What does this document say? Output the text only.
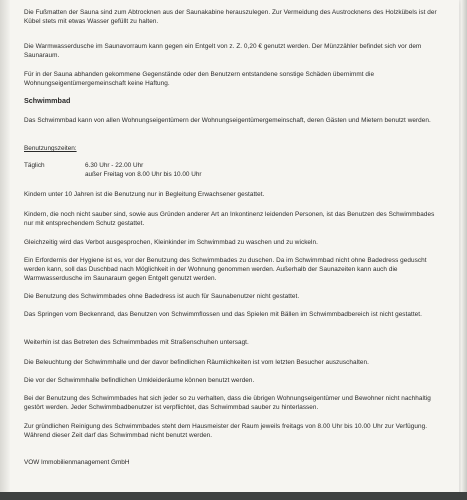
Die Fußmatten der Sauna sind zum Abtrocknen aus der Saunakabine herauszulegen. Zur Vermeidung des Austrocknens des Holzkübels ist der Kübel stets mit etwas Wasser gefüllt zu halten.
Die Warmwasserdusche im Saunavorraum kann gegen ein Entgelt von z. Z. 0,20 € genutzt werden. Der Münzzähler befindet sich vor dem Saunaraum.
Für in der Sauna abhanden gekommene Gegenstände oder den Benutzern entstandene sonstige Schäden übernimmt die Wohnungseigentümergemeinschaft keine Haftung.
Schwimmbad
Das Schwimmbad kann von allen Wohnungseigentümern der Wohnungseigentümergemeinschaft, deren Gästen und Mietern benutzt werden.
Benutzungszeiten:
Täglich	6.30 Uhr - 22.00 Uhr
außer Freitag von 8.00 Uhr bis 10.00 Uhr
Kindern unter 10 Jahren ist die Benutzung nur in Begleitung Erwachsener gestattet.
Kindern, die noch nicht sauber sind, sowie aus Gründen anderer Art an Inkontinenz leidenden Personen, ist das Benutzen des Schwimmbades nur mit entsprechendem Schutz gestattet.
Gleichzeitig wird das Verbot ausgesprochen, Kleinkinder im Schwimmbad zu waschen und zu wickeln.
Ein Erfordernis der Hygiene ist es, vor der Benutzung des Schwimmbades zu duschen. Da im Schwimmbad nicht ohne Badedress geduscht werden kann, soll das Duschbad nach Möglichkeit in der Wohnung genommen werden. Außerhalb der Saunazeiten kann auch die Warmwasserdusche im Saunaraum gegen Entgelt genutzt werden.
Die Benutzung des Schwimmbades ohne Badedress ist auch für Saunabenutzer nicht gestattet.
Das Springen vom Beckenrand, das Benutzen von Schwimmflossen und das Spielen mit Bällen im Schwimmbadbereich ist nicht gestattet.
Weiterhin ist das Betreten des Schwimmbades mit Straßenschuhen untersagt.
Die Beleuchtung der Schwimmhalle und der davor befindlichen Räumlichkeiten ist vom letzten Besucher auszuschalten.
Die vor der Schwimmhalle befindlichen Umkleideräume können benutzt werden.
Bei der Benutzung des Schwimmbades hat sich jeder so zu verhalten, dass die übrigen Wohnungseigentümer und Bewohner nicht nachhaltig gestört werden. Jeder Schwimmbadbenutzer ist verpflichtet, das Schwimmbad sauber zu hinterlassen.
Zur gründlichen Reinigung des Schwimmbades steht dem Hausmeister der Raum jeweils freitags von 8.00 Uhr bis 10.00 Uhr zur Verfügung. Während dieser Zeit darf das Schwimmbad nicht benutzt werden.
VOW Immobilienmanagement GmbH
